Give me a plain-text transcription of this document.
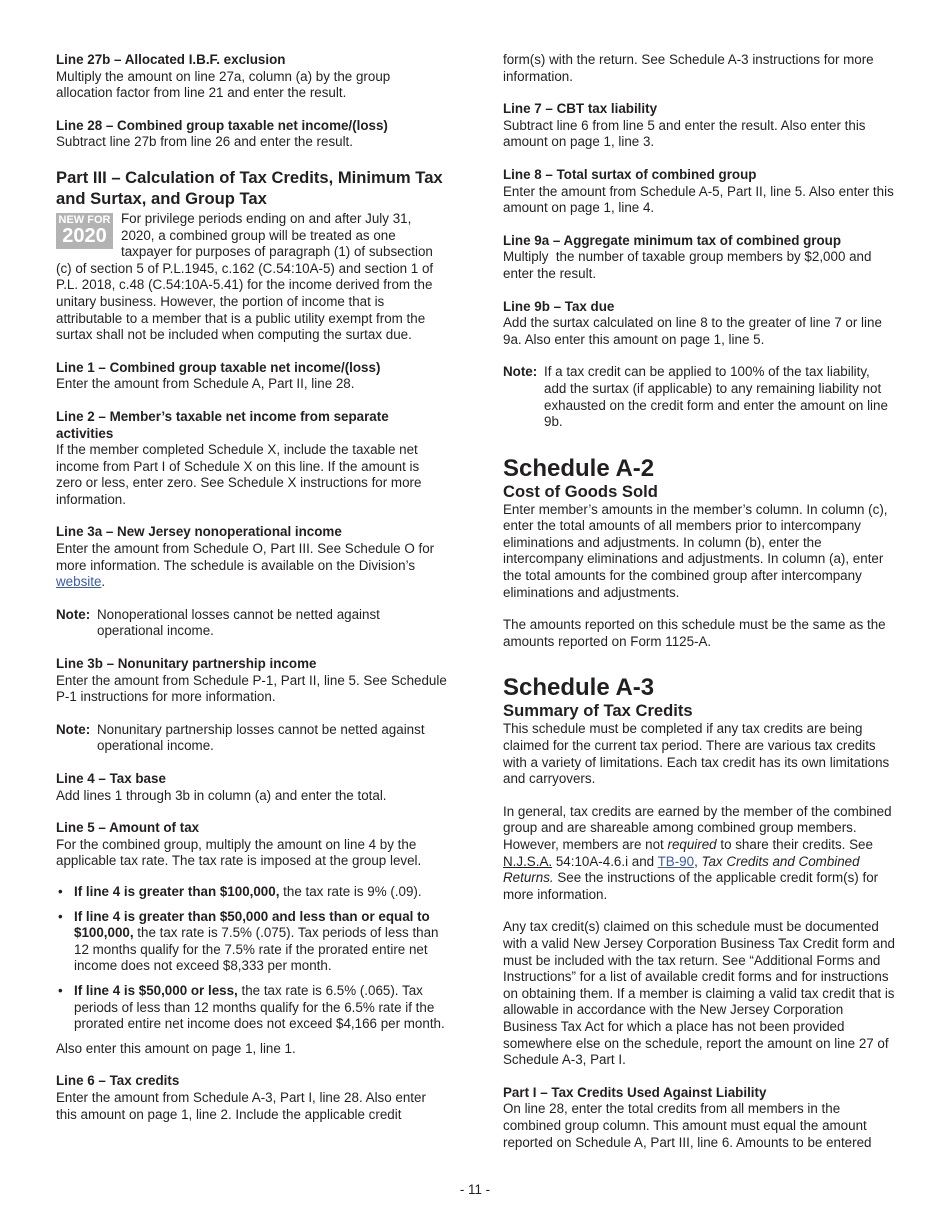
Line 27b – Allocated I.B.F. exclusion

Multiply the amount on line 27a, column (a) by the group allocation factor from line 21 and enter the result.

Line 28 – Combined group taxable net income/(loss)

Subtract line 27b from line 26 and enter the result.

Part III – Calculation of Tax Credits, Minimum Tax and Surtax, and Group Tax

NEW FOR
2020

For privilege periods ending on and after July 31, 2020, a combined group will be treated as one taxpayer for purposes of paragraph (1) of subsection (c) of section 5 of P.L.1945, c.162 (C.54:10A-5) and section 1 of P.L. 2018, c.48 (C.54:10A-5.41) for the income derived from the unitary business. However, the portion of income that is attributable to a member that is a public utility exempt from the surtax shall not be included when computing the surtax due.

Line 1 – Combined group taxable net income/(loss)

Enter the amount from Schedule A, Part II, line 28.

Line 2 – Member’s taxable net income from separate activities

If the member completed Schedule X, include the taxable net income from Part I of Schedule X on this line. If the amount is zero or less, enter zero. See Schedule X instructions for more information.

Line 3a – New Jersey nonoperational income

Enter the amount from Schedule O, Part III. See Schedule O for more information. The schedule is available on the Division’s website.

Note: Nonoperational losses cannot be netted against operational income.

Line 3b – Nonunitary partnership income

Enter the amount from Schedule P-1, Part II, line 5. See Schedule P-1 instructions for more information.

Note: Nonunitary partnership losses cannot be netted against operational income.

Line 4 – Tax base

Add lines 1 through 3b in column (a) and enter the total.

Line 5 – Amount of tax

For the combined group, multiply the amount on line 4 by the applicable tax rate. The tax rate is imposed at the group level.

• If line 4 is greater than $100,000, the tax rate is 9% (.09).
• If line 4 is greater than $50,000 and less than or equal to $100,000, the tax rate is 7.5% (.075). Tax periods of less than 12 months qualify for the 7.5% rate if the prorated entire net income does not exceed $8,333 per month.
• If line 4 is $50,000 or less, the tax rate is 6.5% (.065). Tax periods of less than 12 months qualify for the 6.5% rate if the prorated entire net income does not exceed $4,166 per month.

Also enter this amount on page 1, line 1.

Line 6 – Tax credits

Enter the amount from Schedule A-3, Part I, line 28. Also enter this amount on page 1, line 2. Include the applicable credit

form(s) with the return. See Schedule A-3 instructions for more information.

Line 7 – CBT tax liability

Subtract line 6 from line 5 and enter the result. Also enter this amount on page 1, line 3.

Line 8 – Total surtax of combined group

Enter the amount from Schedule A-5, Part II, line 5. Also enter this amount on page 1, line 4.

Line 9a – Aggregate minimum tax of combined group

Multiply  the number of taxable group members by $2,000 and enter the result.

Line 9b – Tax due

Add the surtax calculated on line 8 to the greater of line 7 or line 9a. Also enter this amount on page 1, line 5.

Note: If a tax credit can be applied to 100% of the tax liability, add the surtax (if applicable) to any remaining liability not exhausted on the credit form and enter the amount on line 9b.

Schedule A-2

Cost of Goods Sold

Enter member’s amounts in the member’s column. In column (c), enter the total amounts of all members prior to intercompany eliminations and adjustments. In column (b), enter the intercompany eliminations and adjustments. In column (a), enter the total amounts for the combined group after intercompany eliminations and adjustments.

The amounts reported on this schedule must be the same as the amounts reported on Form 1125-A.

Schedule A-3

Summary of Tax Credits

This schedule must be completed if any tax credits are being claimed for the current tax period. There are various tax credits with a variety of limitations. Each tax credit has its own limitations and carryovers.

In general, tax credits are earned by the member of the combined group and are shareable among combined group members. However, members are not required to share their credits. See N.J.S.A. 54:10A-4.6.i and TB-90, Tax Credits and Combined Returns. See the instructions of the applicable credit form(s) for more information.

Any tax credit(s) claimed on this schedule must be documented with a valid New Jersey Corporation Business Tax Credit form and must be included with the tax return. See “Additional Forms and Instructions” for a list of available credit forms and for instructions on obtaining them. If a member is claiming a valid tax credit that is allowable in accordance with the New Jersey Corporation Business Tax Act for which a place has not been provided somewhere else on the schedule, report the amount on line 27 of Schedule A-3, Part I.

Part I – Tax Credits Used Against Liability

On line 28, enter the total credits from all members in the combined group column. This amount must equal the amount reported on Schedule A, Part III, line 6. Amounts to be entered

- 11 -
